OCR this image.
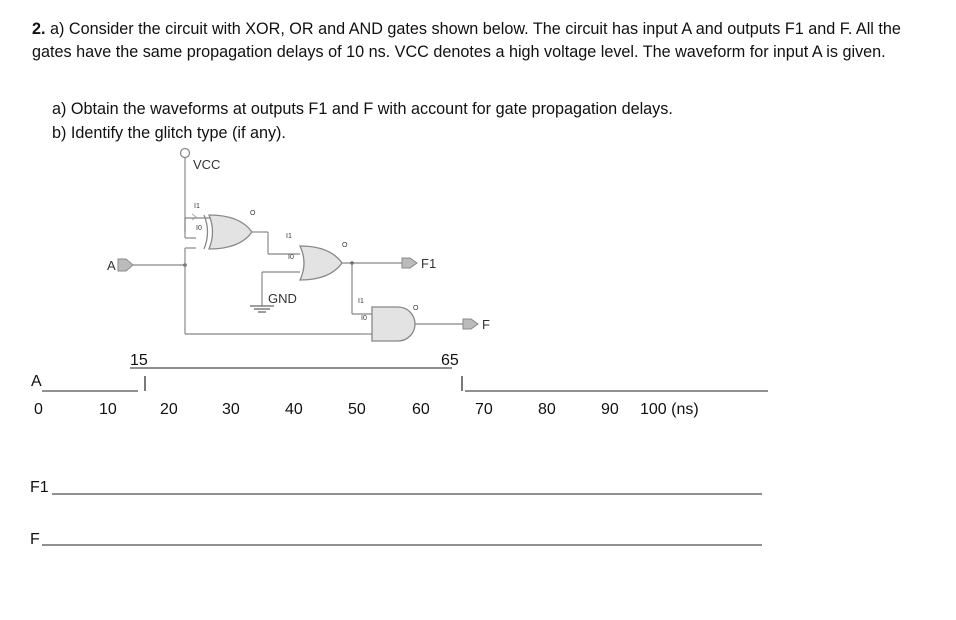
2. a) Consider the circuit with XOR, OR and AND gates shown below. The circuit has input A and outputs F1 and F. All the gates have the same propagation delays of 10 ns. VCC denotes a high voltage level. The waveform for input A is given.
a) Obtain the waveforms at outputs F1 and F with account for gate propagation delays.
b) Identify the glitch type (if any).
VCC
A
I1
I0
O
I1
I0
O
F1
GND	I1
I0
O
F
15	65
A
0	10	20	30	40	50	60	70	80	90 100 (ns)
F1
F
